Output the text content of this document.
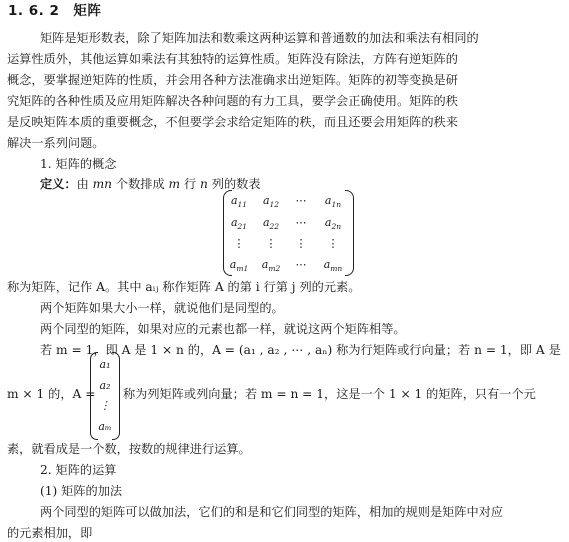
1. 6. 2 矩阵
矩阵是矩形数表，除了矩阵加法和数乘这两种运算和普通数的加法和乘法有相同的
运算性质外，其他运算如乘法有其独特的运算性质。矩阵没有除法，方阵有逆矩阵的
概念，要掌握逆矩阵的性质，并会用各种方法准确求出逆矩阵。矩阵的初等变换是研
究矩阵的各种性质及应用矩阵解决各种问题的有力工具，要学会正确使用。矩阵的秩
是反映矩阵本质的重要概念，不但要学会求给定矩阵的秩，而且还要会用矩阵的秩来
解决一系列问题。
1. 矩阵的概念
定义：由 mn 个数排成 m 行 n 列的数表
$a_{11}$	$a_{12}$	⋯	$a_{1n}$
$a_{21}$	$a_{22}$	⋯	$a_{2n}$
⋮	⋮	⋮	⋮
$a_{m1}$ $a_{m2}$	⋯	$a_{mn}$
称为矩阵，记作 A。其中 aᵢⱼ 称作矩阵 A 的第 i 行第 j 列的元素。
两个矩阵如果大小一样，就说他们是同型的。
两个同型的矩阵，如果对应的元素也都一样，就说这两个矩阵相等。
若 m = 1，即 A 是 1 × n 的，A = (a₁ , a₂ , ⋯ , aₙ) 称为行矩阵或行向量；若 n = 1，即 A 是
m × 1 的，A =
a₁
a₂
⋮
aₘ
称为列矩阵或列向量；若 m = n = 1，这是一个 1 × 1 的矩阵，只有一个元
素，就看成是一个数，按数的规律进行运算。
2. 矩阵的运算
(1) 矩阵的加法
两个同型的矩阵可以做加法，它们的和是和它们同型的矩阵，相加的规则是矩阵中对应
的元素相加，即
